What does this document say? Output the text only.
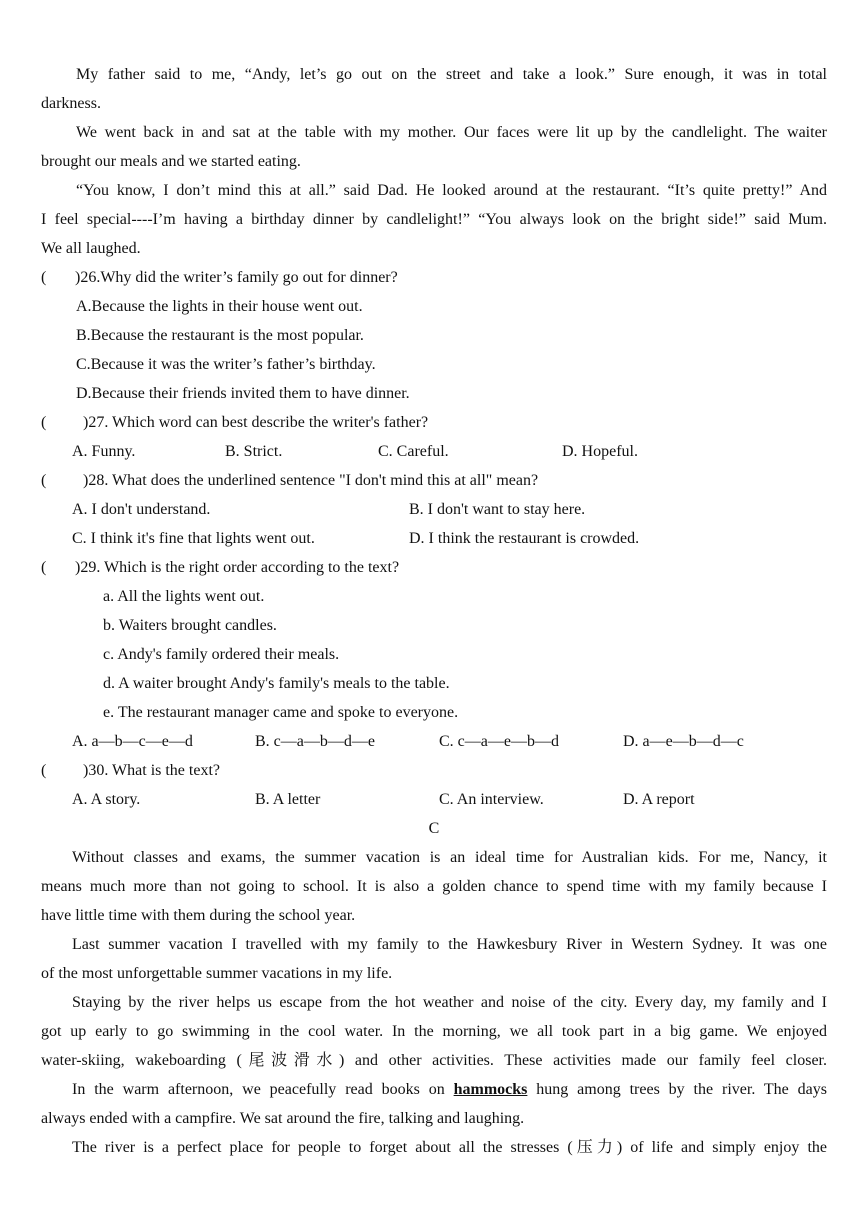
My father said to me, “Andy, let’s go out on the street and take a look.” Sure enough, it was in total
darkness.
We went back in and sat at the table with my mother. Our faces were lit up by the candlelight. The waiter
brought our meals and we started eating.
“You know, I don’t mind this at all.” said Dad. He looked around at the restaurant. “It’s quite pretty!” And
I feel special----I’m having a birthday dinner by candlelight!” “You always look on the bright side!” said Mum.
We all laughed.
(	)26.Why did the writer’s family go out for dinner?
A.Because the lights in their house went out.
B.Because the restaurant is the most popular.
C.Because it was the writer’s father’s birthday.
D.Because their friends invited them to have dinner.
(	)27. Which word can best describe the writer's father?
A. Funny.	B. Strict.	C. Careful.	D. Hopeful.
(	)28. What does the underlined sentence "I don't mind this at all" mean?
A. I don't understand.	B. I don't want to stay here.
C. I think it's fine that lights went out.	D. I think the restaurant is crowded.
(	)29. Which is the right order according to the text?
a. All the lights went out.
b. Waiters brought candles.
c. Andy's family ordered their meals.
d. A waiter brought Andy's family's meals to the table.
e. The restaurant manager came and spoke to everyone.
A. a—b—c—e—d	B. c—a—b—d—e	C. c—a—e—b—d	D. a—e—b—d—c
(	)30. What is the text?
A. A story.	B. A letter	C. An interview.	D. A report
C
Without classes and exams, the summer vacation is an ideal time for Australian kids. For me, Nancy, it
means much more than not going to school. It is also a golden chance to spend time with my family because I
have little time with them during the school year.
Last summer vacation I travelled with my family to the Hawkesbury River in Western Sydney. It was one
of the most unforgettable summer vacations in my life.
Staying by the river helps us escape from the hot weather and noise of the city. Every day, my family and I
got up early to go swimming in the cool water. In the morning, we all took part in a big game. We enjoyed
water-skiing, wakeboarding (尾波滑水) and other activities. These activities made our family feel closer.
In the warm afternoon, we peacefully read books on hammocks hung among trees by the river. The days
always ended with a campfire. We sat around the fire, talking and laughing.
The river is a perfect place for people to forget about all the stresses (压力) of life and simply enjoy the
